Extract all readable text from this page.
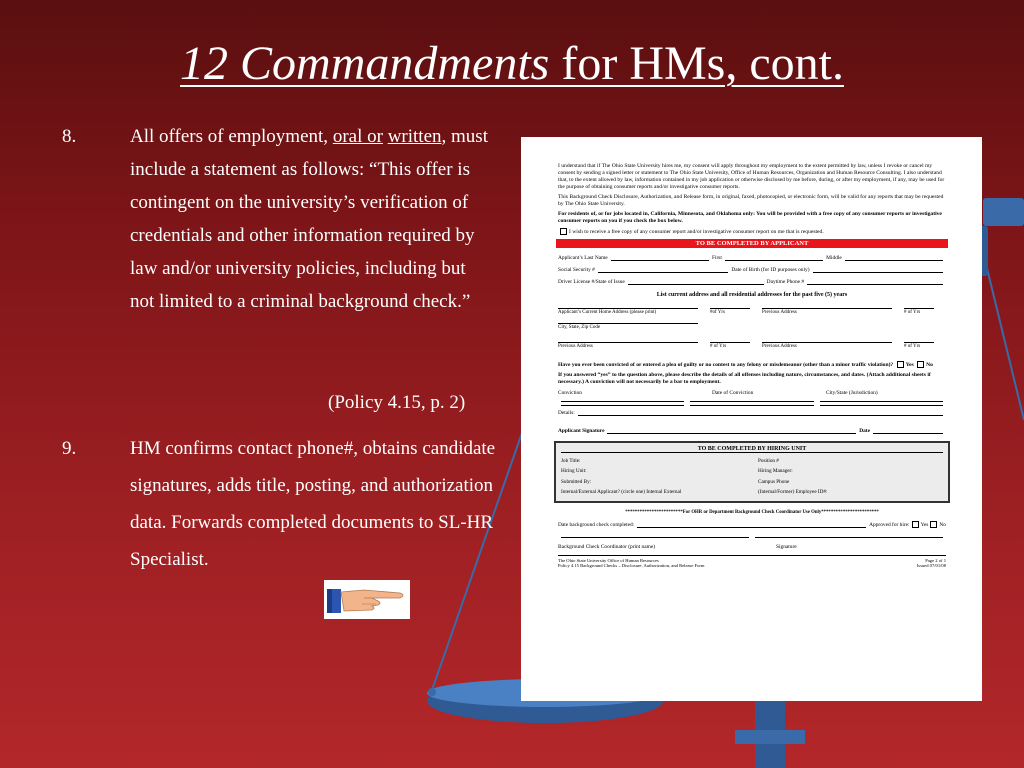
12 Commandments for HMs, cont.
8.	All offers of employment, oral or written, must include a statement as follows: “This offer is contingent on the university’s verification of credentials and other information required by law and/or university policies, including but not limited to a criminal background check.”
(Policy 4.15, p. 2)
9.	HM confirms contact phone#, obtains candidate signatures, adds title, posting, and authorization data. Forwards completed documents to SL-HR Specialist.

I understand that if The Ohio State University hires me, my consent will apply throughout my employment to the extent permitted by law, unless I revoke or cancel my consent by sending a signed letter or statement to The Ohio State University, Office of Human Resources, Organization and Human Resource Consulting. I also understand that, to the extent allowed by law, information contained in my job application or otherwise disclosed by me before, during, or after my employment, if any, may be used for the purpose of obtaining consumer reports and/or investigative consumer reports.

This Background Check Disclosure, Authorization, and Release form, in original, faxed, photocopied, or electronic form, will be valid for any reports that may be requested by The Ohio State University.

For residents of, or for jobs located in, California, Minnesota, and Oklahoma only: You will be provided with a free copy of any consumer reports or investigative consumer reports on you if you check the box below.

I wish to receive a free copy of any consumer report and/or investigative consumer report on me that is requested.

TO BE COMPLETED BY APPLICANT
Applicant’s Last Name	First	Middle
Social Security #	Date of Birth (for ID purposes only)
Driver License #/State of Issue	Daytime Phone #
List current address and all residential addresses for the past five (5) years
Applicant’s Current Home Address (please print)	#of Yrs	Previous Address	# of Yrs
City, State, Zip Code
Previous Address	# of Yrs	Previous Address	# of Yrs

Have you ever been convicted of or entered a plea of guilty or no contest to any felony or misdemeanor (other than a minor traffic violation)? Yes No

If you answered “yes” to the question above, please describe the details of all offenses including nature, circumstances, and dates. (Attach additional sheets if necessary.) A conviction will not necessarily be a bar to employment.

Conviction	Date of Conviction	City/State (Jurisdiction)
Details:
Applicant Signature	Date
TO BE COMPLETED BY HIRING UNIT
Job Title:	Position #
Hiring Unit:	Hiring Manager:
Submitted By:	Campus Phone
Internal/External Applicant? (circle one) Internal External	(Internal/Former) Employee ID#:
************************For OHR or Department Background Check Coordinator Use Only************************
Date background check completed:	Approved for hire: Yes No
Background Check Coordinator (print name)	Signature
The Ohio State University Office of Human Resources
Policy 4.15 Background Checks – Disclosure, Authorization, and Release Form
Page 2 of 1
Issued 07/01/08
